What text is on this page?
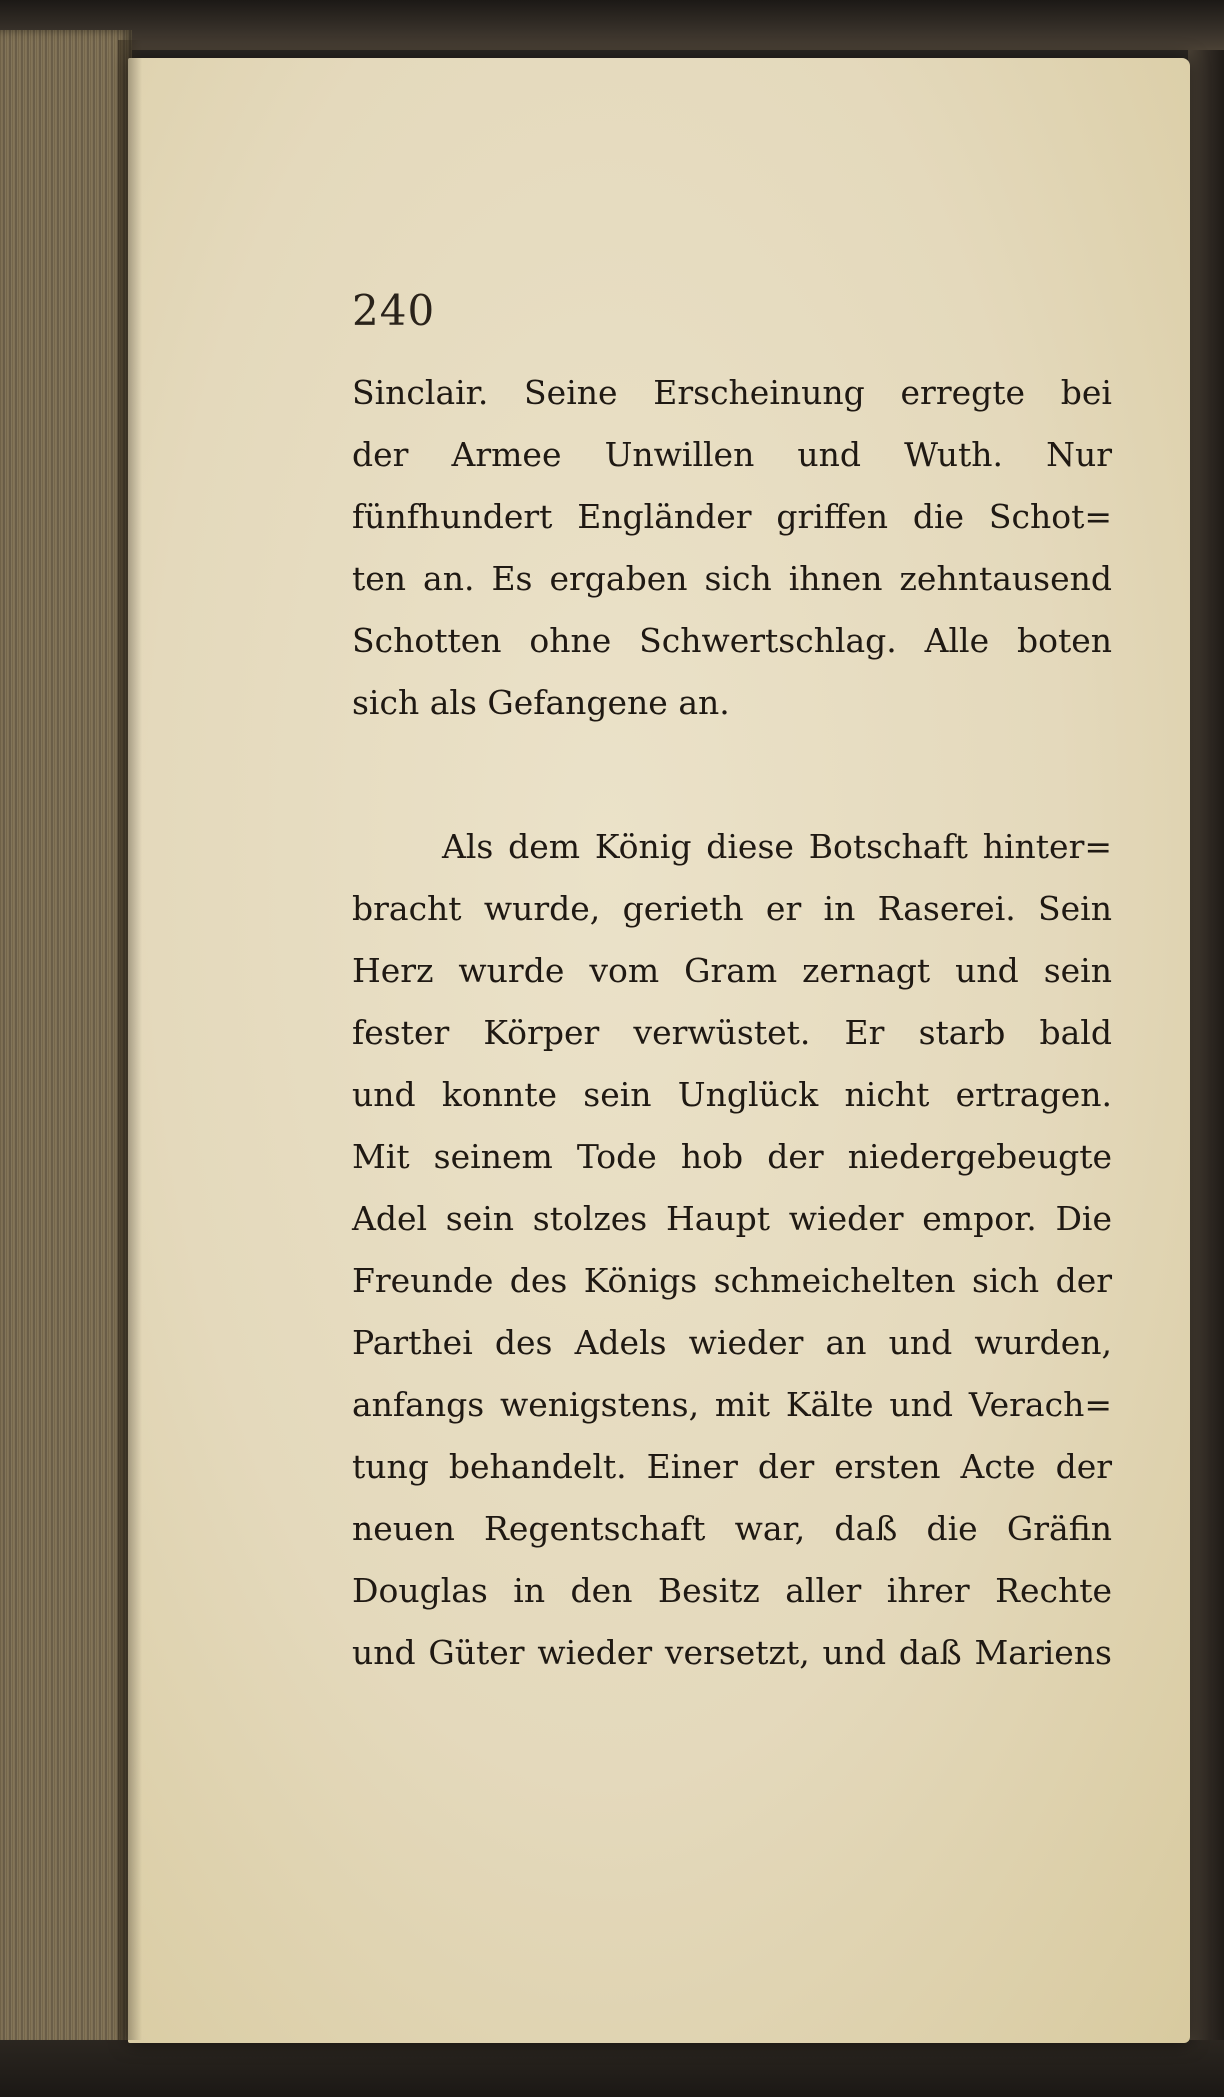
240
Sinclair. Seine Erscheinung erregte bei
der Armee Unwillen und Wuth. Nur
fünfhundert Engländer griffen die Schot=
ten an. Es ergaben sich ihnen zehntausend
Schotten ohne Schwertschlag. Alle boten
sich als Gefangene an.
Als dem König diese Botschaft hinter=
bracht wurde, gerieth er in Raserei. Sein
Herz wurde vom Gram zernagt und sein
fester Körper verwüstet. Er starb bald
und konnte sein Unglück nicht ertragen.
Mit seinem Tode hob der niedergebeugte
Adel sein stolzes Haupt wieder empor. Die
Freunde des Königs schmeichelten sich der
Parthei des Adels wieder an und wurden,
anfangs wenigstens, mit Kälte und Verach=
tung behandelt. Einer der ersten Acte der
neuen Regentschaft war, daß die Gräfin
Douglas in den Besitz aller ihrer Rechte
und Güter wieder versetzt, und daß Mariens
